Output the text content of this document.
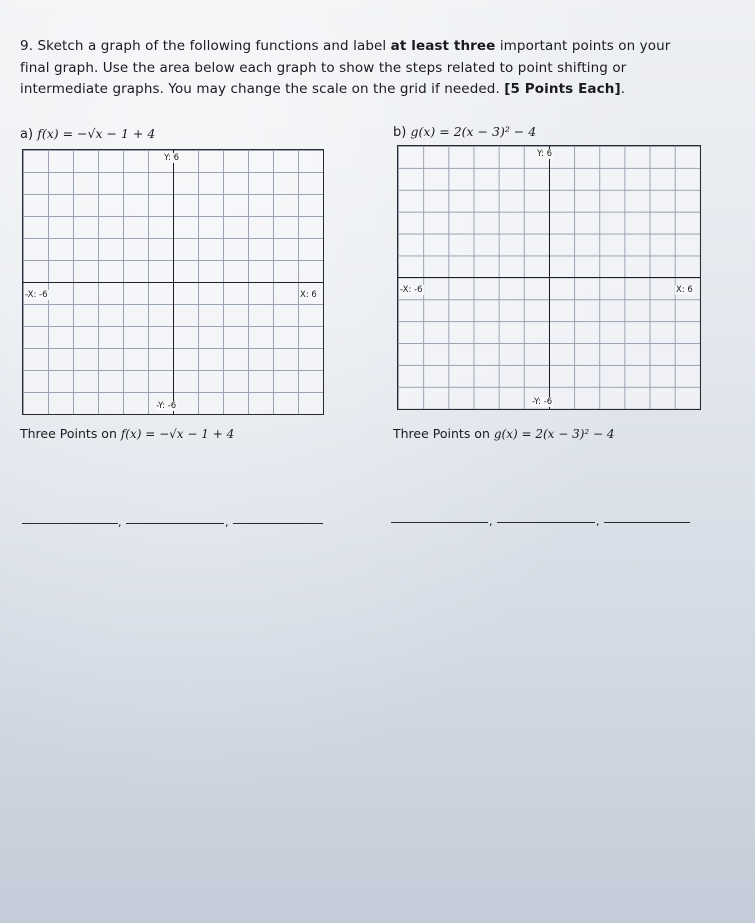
9. Sketch a graph of the following functions and label at least three important points on your
final graph. Use the area below each graph to show the steps related to point shifting or
intermediate graphs. You may change the scale on the grid if needed. [5 Points Each].
a) f(x) = −√x − 1 + 4
Y: 6
-Y: -6
-X: -6	X: 6
Three Points on f(x) = −√x − 1 + 4
,	,
b) g(x) = 2(x − 3)² − 4
Y: 6
-Y: -6
-X: -6	X: 6
Three Points on g(x) = 2(x − 3)² − 4
,	,
